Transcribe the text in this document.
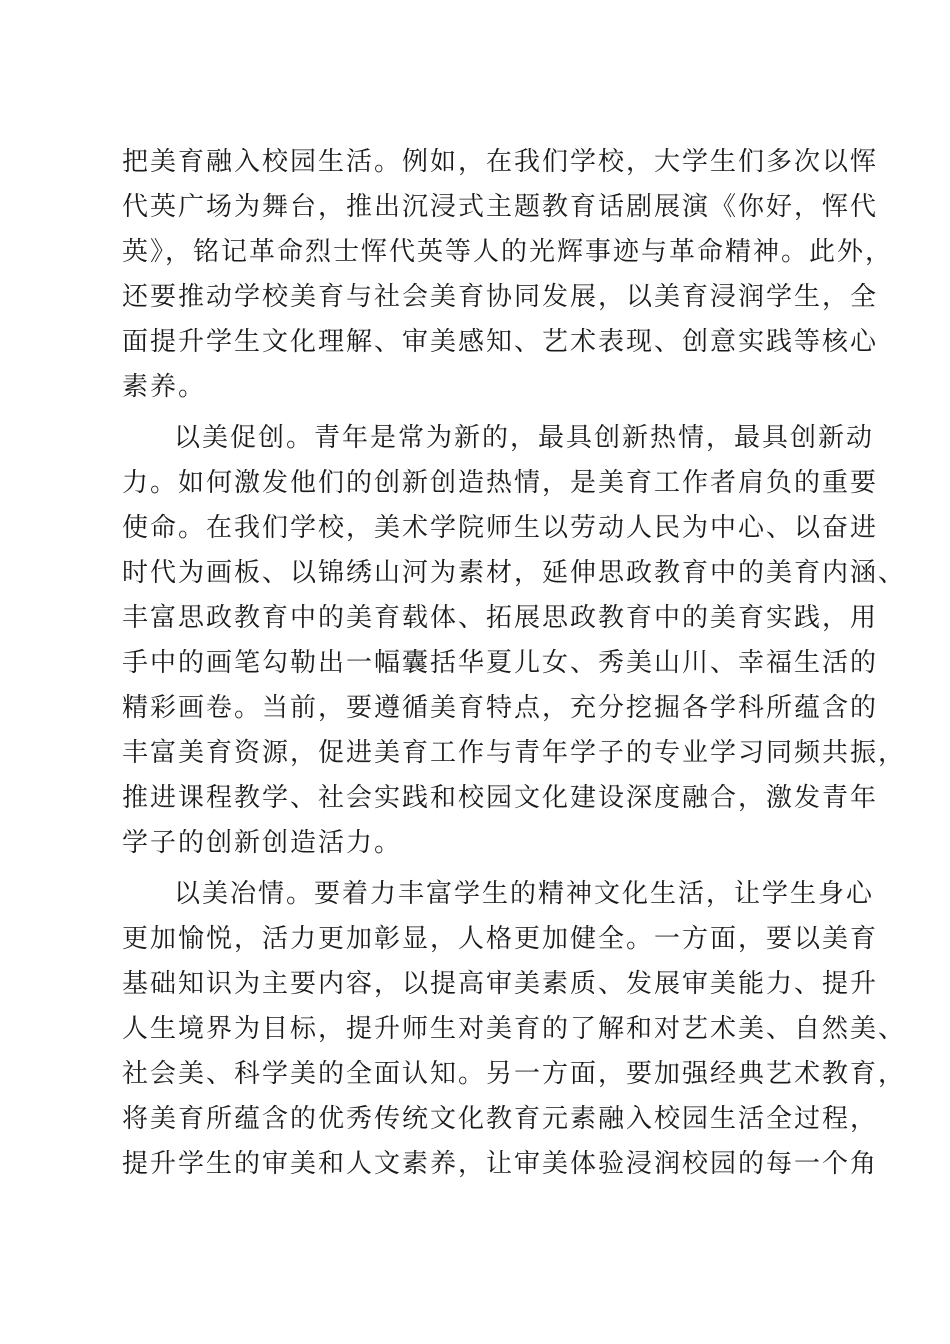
把美育融入校园生活。例如，在我们学校，大学生们多次以恽
代英广场为舞台，推出沉浸式主题教育话剧展演《你好，恽代
英》，铭记革命烈士恽代英等人的光辉事迹与革命精神。此外，
还要推动学校美育与社会美育协同发展，以美育浸润学生，全
面提升学生文化理解、审美感知、艺术表现、创意实践等核心
素养。
以美促创。青年是常为新的，最具创新热情，最具创新动
力。如何激发他们的创新创造热情，是美育工作者肩负的重要
使命。在我们学校，美术学院师生以劳动人民为中心、以奋进
时代为画板、以锦绣山河为素材，延伸思政教育中的美育内涵、
丰富思政教育中的美育载体、拓展思政教育中的美育实践，用
手中的画笔勾勒出一幅囊括华夏儿女、秀美山川、幸福生活的
精彩画卷。当前，要遵循美育特点，充分挖掘各学科所蕴含的
丰富美育资源，促进美育工作与青年学子的专业学习同频共振，
推进课程教学、社会实践和校园文化建设深度融合，激发青年
学子的创新创造活力。
以美冶情。要着力丰富学生的精神文化生活，让学生身心
更加愉悦，活力更加彰显，人格更加健全。一方面，要以美育
基础知识为主要内容，以提高审美素质、发展审美能力、提升
人生境界为目标，提升师生对美育的了解和对艺术美、自然美、
社会美、科学美的全面认知。另一方面，要加强经典艺术教育，
将美育所蕴含的优秀传统文化教育元素融入校园生活全过程，
提升学生的审美和人文素养，让审美体验浸润校园的每一个角
